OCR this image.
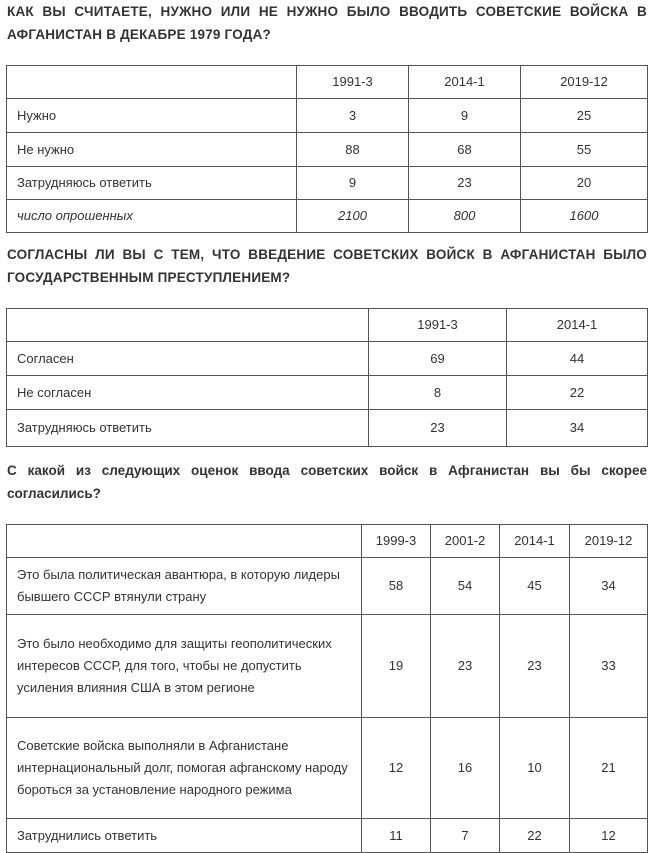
КАК ВЫ СЧИТАЕТЕ, НУЖНО ИЛИ НЕ НУЖНО БЫЛО ВВОДИТЬ СОВЕТСКИЕ ВОЙСКА В АФГАНИСТАН В ДЕКАБРЕ 1979 ГОДА?
	1991-3	2014-1	2019-12
Нужно	3	9	25
Не нужно	88	68	55
Затрудняюсь ответить	9	23	20
число опрошенных	2100	800	1600
СОГЛАСНЫ ЛИ ВЫ С ТЕМ, ЧТО ВВЕДЕНИЕ СОВЕТСКИХ ВОЙСК В АФГАНИСТАН БЫЛО ГОСУДАРСТВЕННЫМ ПРЕСТУПЛЕНИЕМ?
	1991-3	2014-1
Согласен	69	44
Не согласен	8	22
Затрудняюсь ответить	23	34
С какой из следующих оценок ввода советских войск в Афганистан вы бы скорее согласились?
	1999-3	2001-2	2014-1	2019-12
Это была политическая авантюра, в которую лидеры бывшего СССР втянули страну	58	54	45	34
Это было необходимо для защиты геополитических интересов СССР, для того, чтобы не допустить усиления влияния США в этом регионе	19	23	23	33
Советские войска выполняли в Афганистане интернациональный долг, помогая афганскому народу бороться за установление народного режима	12	16	10	21
Затруднились ответить	11	7	22	12
